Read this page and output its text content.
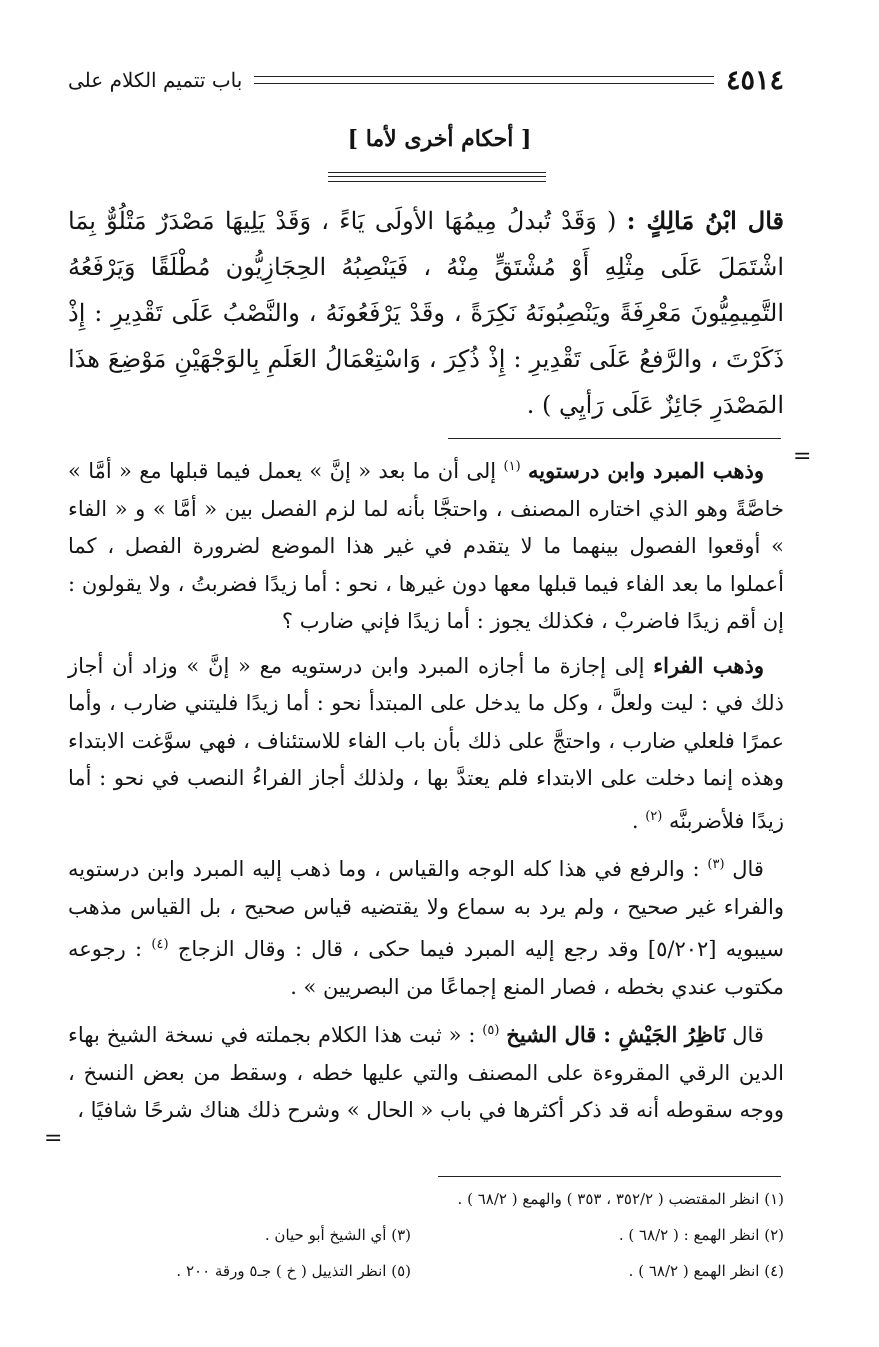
٤٥١٤
باب تتميم الكلام على
[ أحكام أخرى لأما ]
قال ابْنُ مَالِكٍ : ( وَقَدْ تُبدلُ مِيمُهَا الأولَى يَاءً ، وَقَدْ يَلِيهَا مَصْدَرٌ مَتْلُوٌّ بِمَا اشْتَمَلَ عَلَى مِثْلِهِ أَوْ مُشْتَقٍّ مِنْهُ ، فَيَنْصِبُهُ الحِجَازِيُّون مُطْلَقًا وَيَرْفَعُهُ التَّمِيمِيُّونَ مَعْرِفَةً ويَنْصِبُونَهُ نَكِرَةً ، وقَدْ يَرْفَعُونَهُ ، والنَّصْبُ عَلَى تَقْدِيرِ : إِذْ ذَكَرْتَ ، والرَّفعُ عَلَى تَقْدِيرِ : إِذْ ذُكِرَ ، وَاسْتِعْمَالُ العَلَمِ بِالوَجْهَيْنِ مَوْضِعَ هذَا المَصْدَرِ جَائِزٌ عَلَى رَأيِي ) .
=

وذهب المبرد وابن درستويه $^{(١)}$ إلى أن ما بعد « إنَّ » يعمل فيما قبلها مع « أمَّا » خاصَّةً وهو الذي اختاره المصنف ، واحتجَّا بأنه لما لزم الفصل بين « أمَّا » و « الفاء » أوقعوا الفصول بينهما ما لا يتقدم في غير هذا الموضع لضرورة الفصل ، كما أعملوا ما بعد الفاء فيما قبلها معها دون غيرها ، نحو : أما زيدًا فضربتُ ، ولا يقولون : إن أقم زيدًا فاضربْ ، فكذلك يجوز : أما زيدًا فإني ضارب ؟

وذهب الفراء إلى إجازة ما أجازه المبرد وابن درستويه مع « إنَّ » وزاد أن أجاز ذلك في : ليت ولعلَّ ، وكل ما يدخل على المبتدأ نحو : أما زيدًا فليتني ضارب ، وأما عمرًا فلعلي ضارب ، واحتجَّ على ذلك بأن باب الفاء للاستئناف ، فهي سوَّغت الابتداء وهذه إنما دخلت على الابتداء فلم يعتدَّ بها ، ولذلك أجاز الفراءُ النصب في نحو : أما زيدًا فلأضربنَّه $^{(٢)}$ .

قال $^{(٣)}$ : والرفع في هذا كله الوجه والقياس ، وما ذهب إليه المبرد وابن درستويه والفراء غير صحيح ، ولم يرد به سماع ولا يقتضيه قياس صحيح ، بل القياس مذهب سيبويه [٥/٢٠٢] وقد رجع إليه المبرد فيما حكى ، قال : وقال الزجاج $^{(٤)}$ : رجوعه مكتوب عندي بخطه ، فصار المنع إجماعًا من البصريين » .

قال نَاظِرُ الجَيْشِ : قال الشيخ $^{(٥)}$ : « ثبت هذا الكلام بجملته في نسخة الشيخ بهاء الدين الرقي المقروءة على المصنف والتي عليها خطه ، وسقط من بعض النسخ ، ووجه سقوطه أنه قد ذكر أكثرها في باب « الحال » وشرح ذلك هناك شرحًا شافيًا ،

=
(١) انظر المقتضب ( ٣٥٢/٢ ، ٣٥٣ ) والهمع ( ٦٨/٢ ) .
(٢) انظر الهمع : ( ٦٨/٢ ) .
(٣) أي الشيخ أبو حيان .
(٤) انظر الهمع ( ٦٨/٢ ) .
(٥) انظر التذييل ( خ ) جـ٥ ورقة ٢٠٠ .
